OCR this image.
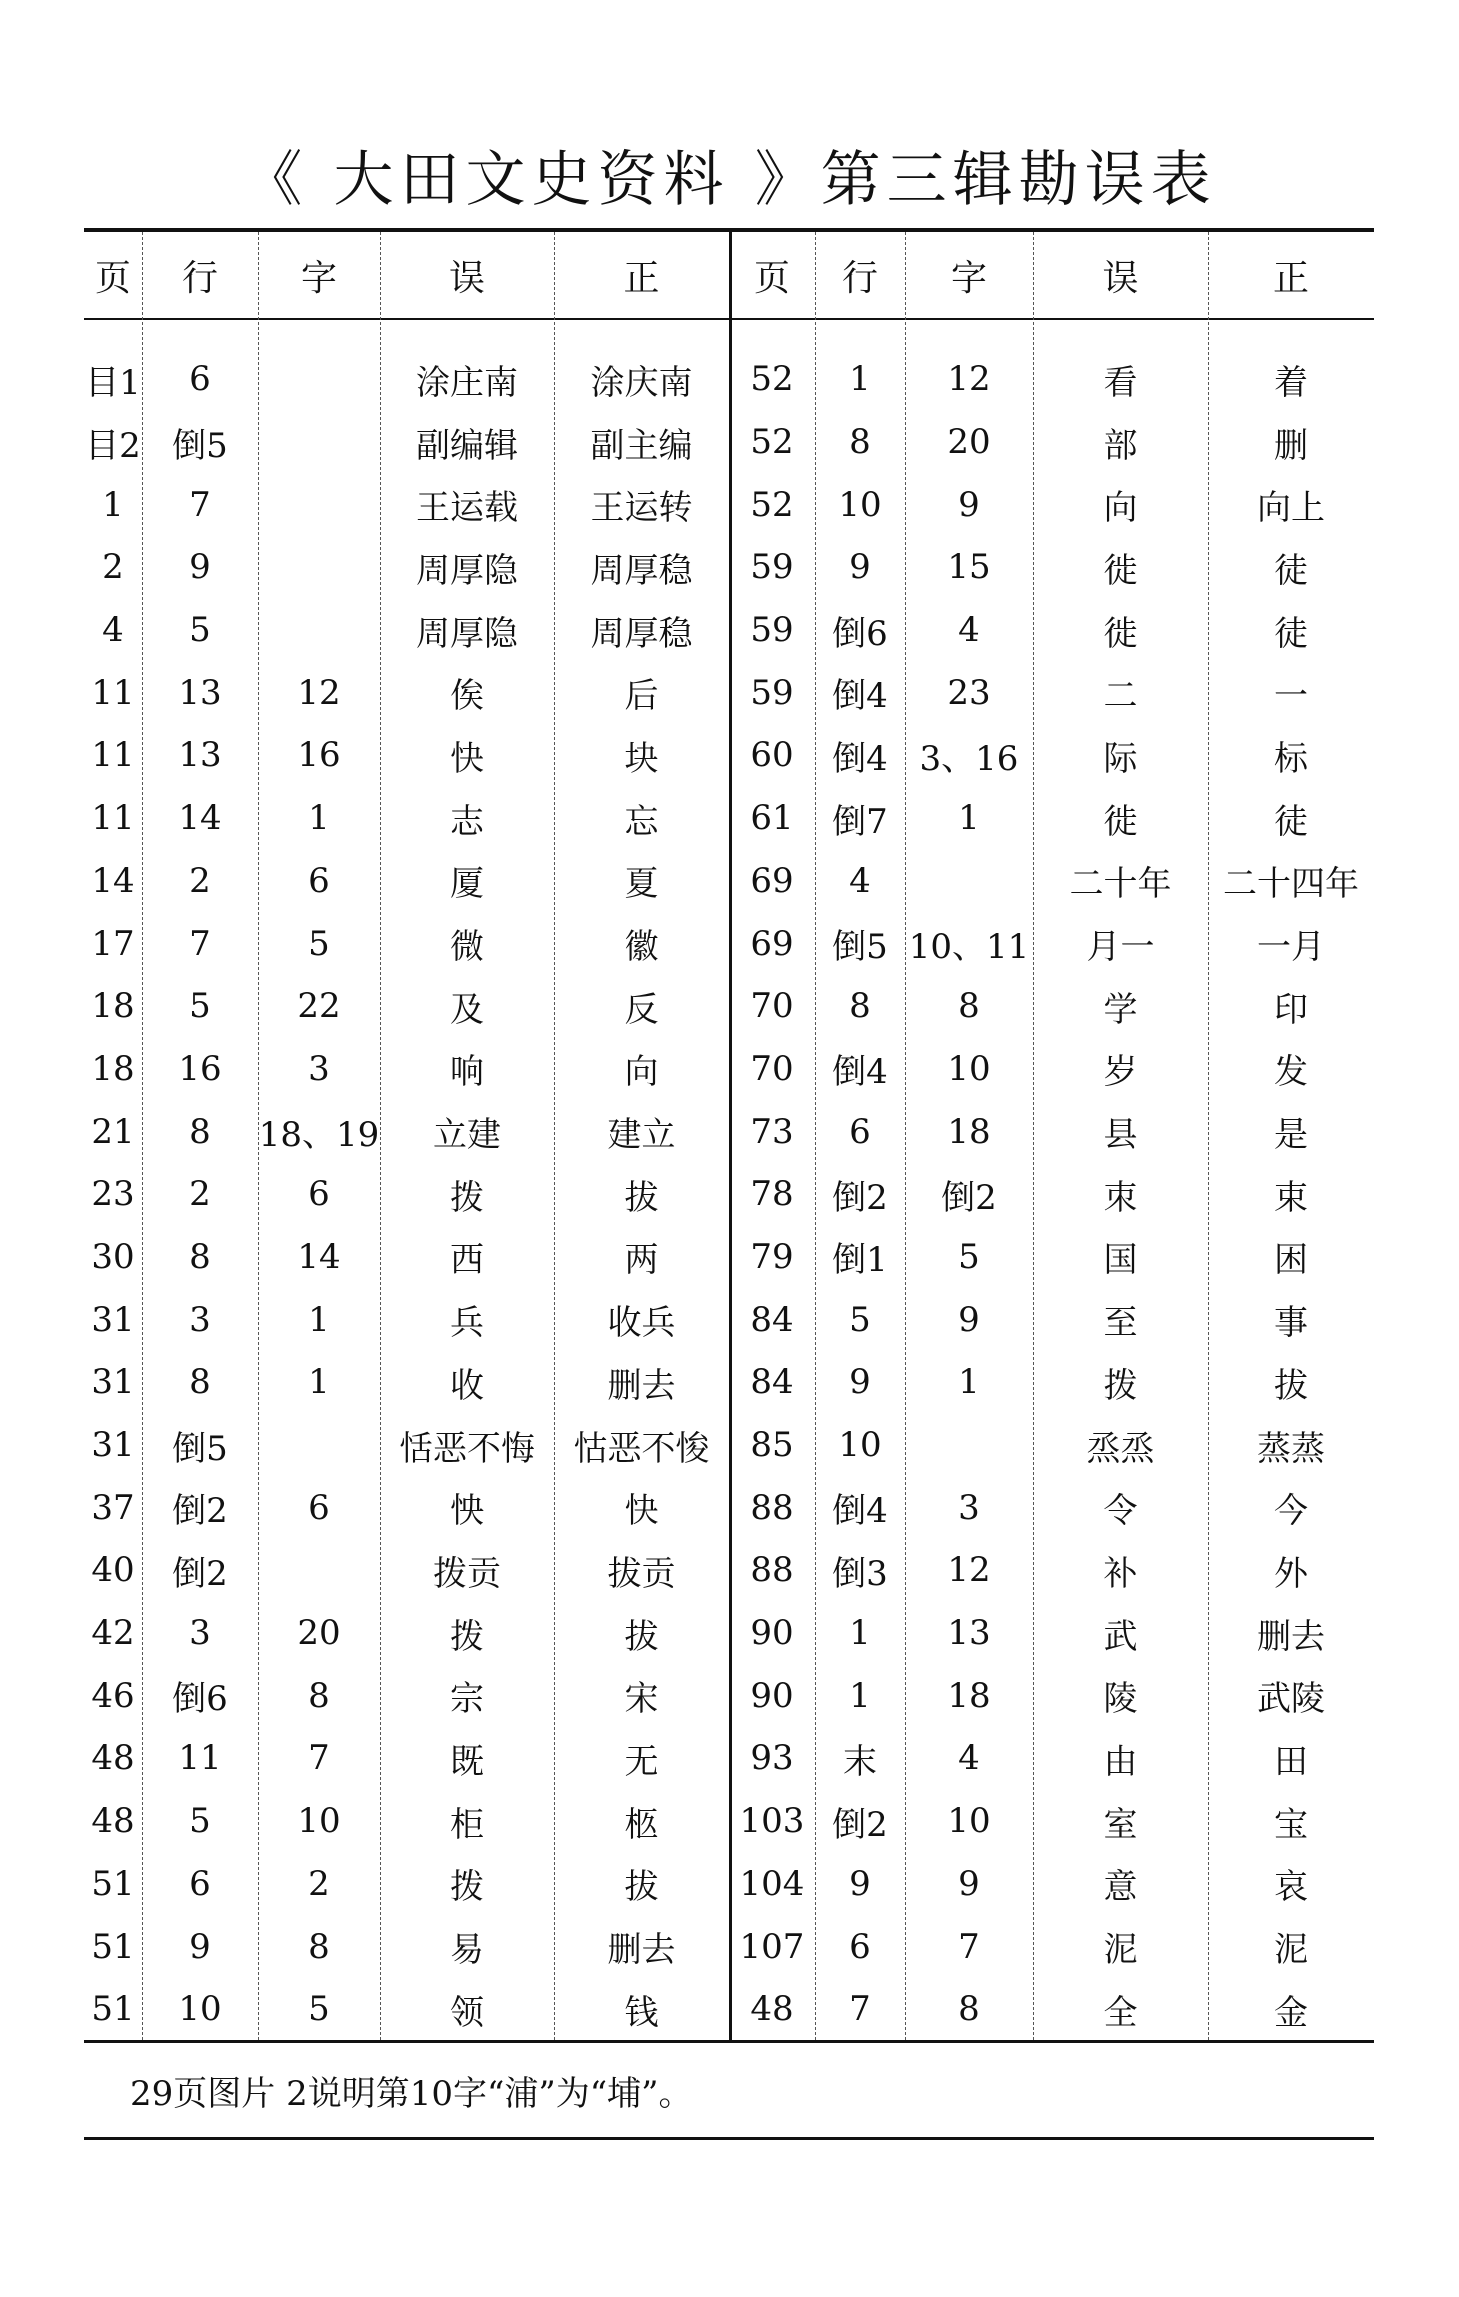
《 大田文史资料 》第三辑勘误表
页	行	字	误	正	页	行	字	误	正
目1	6		涂庄南	涂庆南	52	1	12	看	着
目2	倒5		副编辑	副主编	52	8	20	部	删
1	7		王运载	王运转	52	10	9	向	向上
2	9		周厚隐	周厚稳	59	9	15	徙	徒
4	5		周厚隐	周厚稳	59	倒6	4	徙	徒
11	13	12	俟	后	59	倒4	23	二	一
11	13	16	快	块	60	倒4	3、16	际	标
11	14	1	志	忘	61	倒7	1	徙	徒
14	2	6	厦	夏	69	4		二十年	二十四年
17	7	5	微	徽	69	倒5	10、11	月一	一月
18	5	22	及	反	70	8	8	学	印
18	16	3	响	向	70	倒4	10	岁	发
21	8	18、19	立建	建立	73	6	18	县	是
23	2	6	拨	拔	78	倒2	倒2	朿	束
30	8	14	西	两	79	倒1	5	国	困
31	3	1	兵	收兵	84	5	9	至	事
31	8	1	收	删去	84	9	1	拨	拔
31	倒5		恬恶不悔	怙恶不悛	85	10		烝烝	蒸蒸
37	倒2	6	怏	快	88	倒4	3	令	今
40	倒2		拨贡	拔贡	88	倒3	12	补	外
42	3	20	拨	拔	90	1	13	武	删去
46	倒6	8	宗	宋	90	1	18	陵	武陵
48	11	7	既	无	93	末	4	由	田
48	5	10	柜	柩	103	倒2	10	室	宝
51	6	2	拨	拔	104	9	9	意	哀
51	9	8	易	删去	107	6	7	泥	泥
51	10	5	领	钱	48	7	8	全	金
29页图片 2说明第10字“浦”为“埔”。
